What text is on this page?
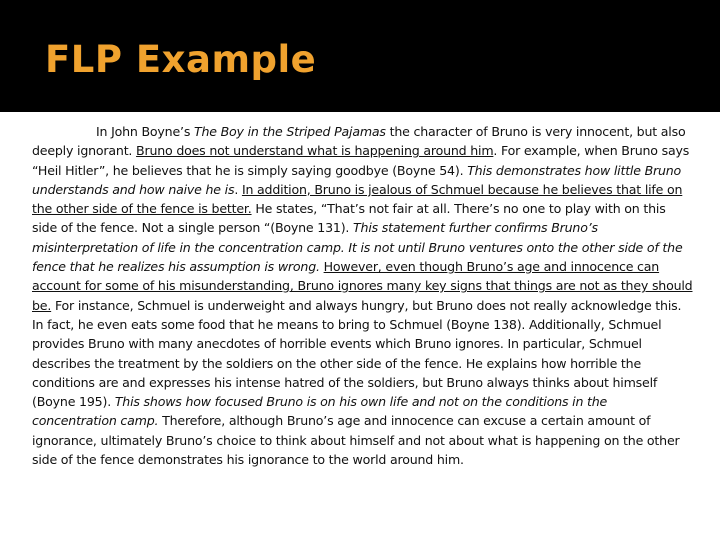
FLP Example

In John Boyne’s The Boy in the Striped Pajamas the character of Bruno is very innocent, but also deeply ignorant. Bruno does not understand what is happening around him. For example, when Bruno says “Heil Hitler”, he believes that he is simply saying goodbye (Boyne 54). This demonstrates how little Bruno understands and how naive he is. In addition, Bruno is jealous of Schmuel because he believes that life on the other side of the fence is better. He states, “That’s not fair at all. There’s no one to play with on this side of the fence. Not a single person “(Boyne 131). This statement further confirms Bruno’s misinterpretation of life in the concentration camp. It is not until Bruno ventures onto the other side of the fence that he realizes his assumption is wrong. However, even though Bruno’s age and innocence can account for some of his misunderstanding, Bruno ignores many key signs that things are not as they should be. For instance, Schmuel is underweight and always hungry, but Bruno does not really acknowledge this. In fact, he even eats some food that he means to bring to Schmuel (Boyne 138). Additionally, Schmuel provides Bruno with many anecdotes of horrible events which Bruno ignores. In particular, Schmuel describes the treatment by the soldiers on the other side of the fence. He explains how horrible the conditions are and expresses his intense hatred of the soldiers, but Bruno always thinks about himself (Boyne 195). This shows how focused Bruno is on his own life and not on the conditions in the concentration camp. Therefore, although Bruno’s age and innocence can excuse a certain amount of ignorance, ultimately Bruno’s choice to think about himself and not about what is happening on the other side of the fence demonstrates his ignorance to the world around him.
